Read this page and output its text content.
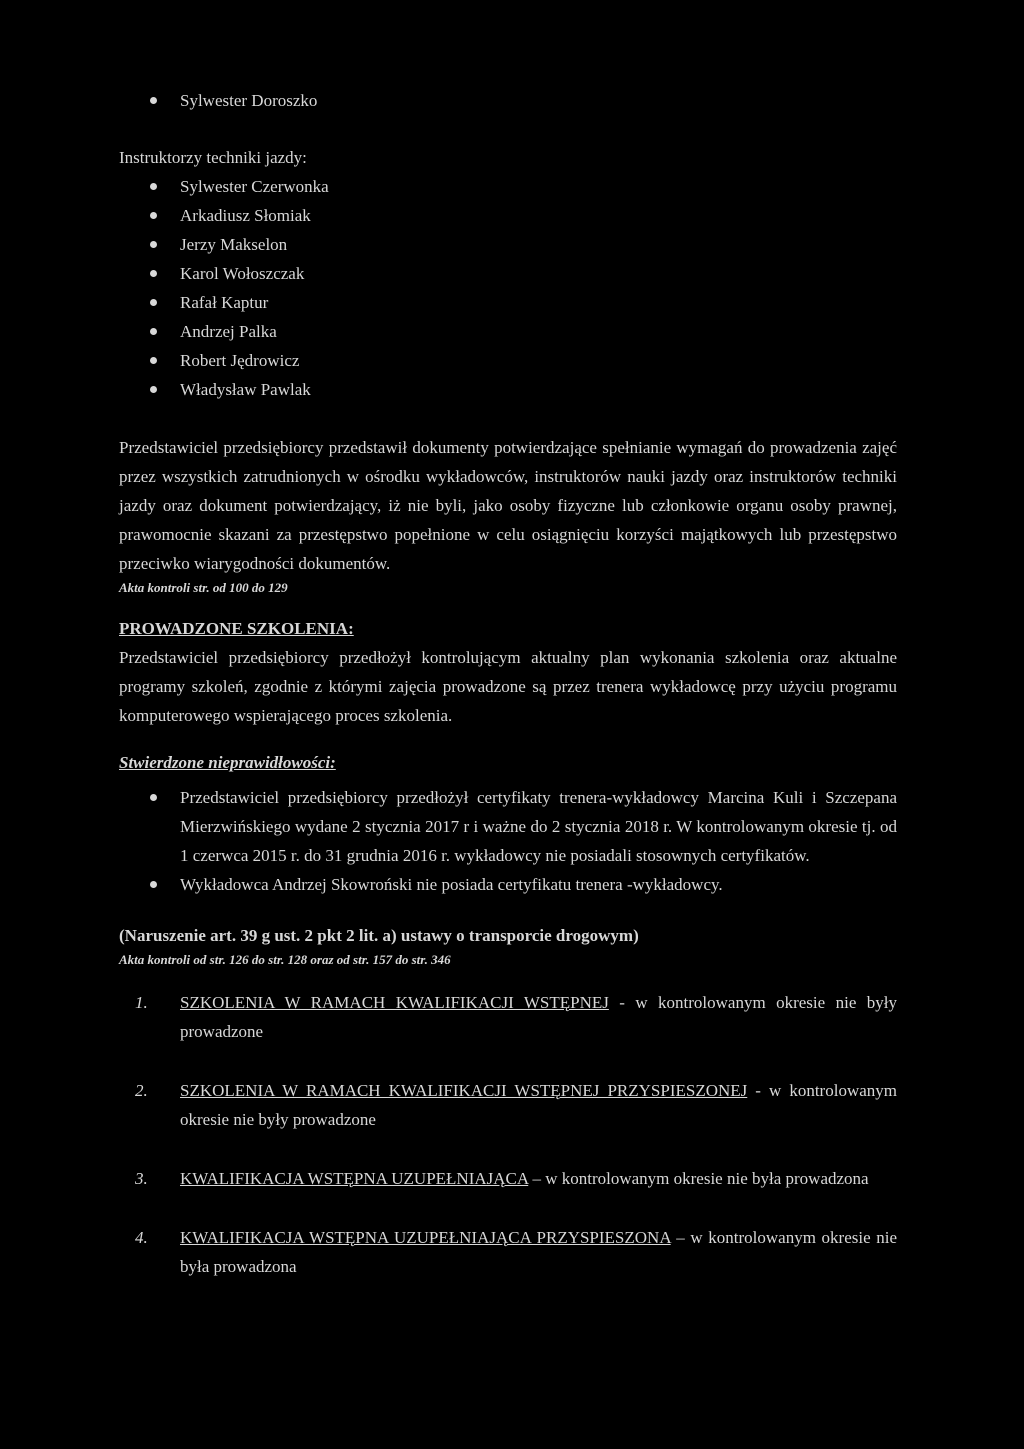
Sylwester Doroszko
Instruktorzy techniki jazdy:
Sylwester Czerwonka
Arkadiusz Słomiak
Jerzy Makselon
Karol Wołoszczak
Rafał Kaptur
Andrzej Palka
Robert Jędrowicz
Władysław Pawlak

Przedstawiciel przedsiębiorcy przedstawił dokumenty potwierdzające spełnianie wymagań do prowadzenia zajęć przez wszystkich zatrudnionych w ośrodku wykładowców, instruktorów nauki jazdy oraz instruktorów techniki jazdy oraz dokument potwierdzający, iż nie byli, jako osoby fizyczne lub członkowie organu osoby prawnej, prawomocnie skazani za przestępstwo popełnione w celu osiągnięciu korzyści majątkowych lub przestępstwo przeciwko wiarygodności dokumentów.

Akta kontroli str. od 100 do 129
PROWADZONE SZKOLENIA:

Przedstawiciel przedsiębiorcy przedłożył kontrolującym aktualny plan wykonania szkolenia oraz aktualne programy szkoleń, zgodnie z którymi zajęcia prowadzone są przez trenera wykładowcę przy użyciu programu komputerowego wspierającego proces szkolenia.

Stwierdzone nieprawidłowości:
Przedstawiciel przedsiębiorcy przedłożył certyfikaty trenera-wykładowcy Marcina Kuli i Szczepana Mierzwińskiego wydane 2 stycznia 2017 r i ważne do 2 stycznia 2018 r. W kontrolowanym okresie tj. od 1 czerwca 2015 r. do 31 grudnia 2016 r. wykładowcy nie posiadali stosownych certyfikatów.
Wykładowca Andrzej Skowroński nie posiada certyfikatu trenera -wykładowcy.
(Naruszenie art. 39 g ust. 2 pkt 2 lit. a) ustawy o transporcie drogowym)
Akta kontroli od str. 126 do str. 128 oraz od str. 157 do str. 346
1. SZKOLENIA W RAMACH KWALIFIKACJI WSTĘPNEJ - w kontrolowanym okresie nie były prowadzone
2. SZKOLENIA W RAMACH KWALIFIKACJI WSTĘPNEJ PRZYSPIESZONEJ - w kontrolowanym okresie nie były prowadzone
3. KWALIFIKACJA WSTĘPNA UZUPEŁNIAJĄCA – w kontrolowanym okresie nie była prowadzona
4. KWALIFIKACJA WSTĘPNA UZUPEŁNIAJĄCA PRZYSPIESZONA – w kontrolowanym okresie nie była prowadzona
